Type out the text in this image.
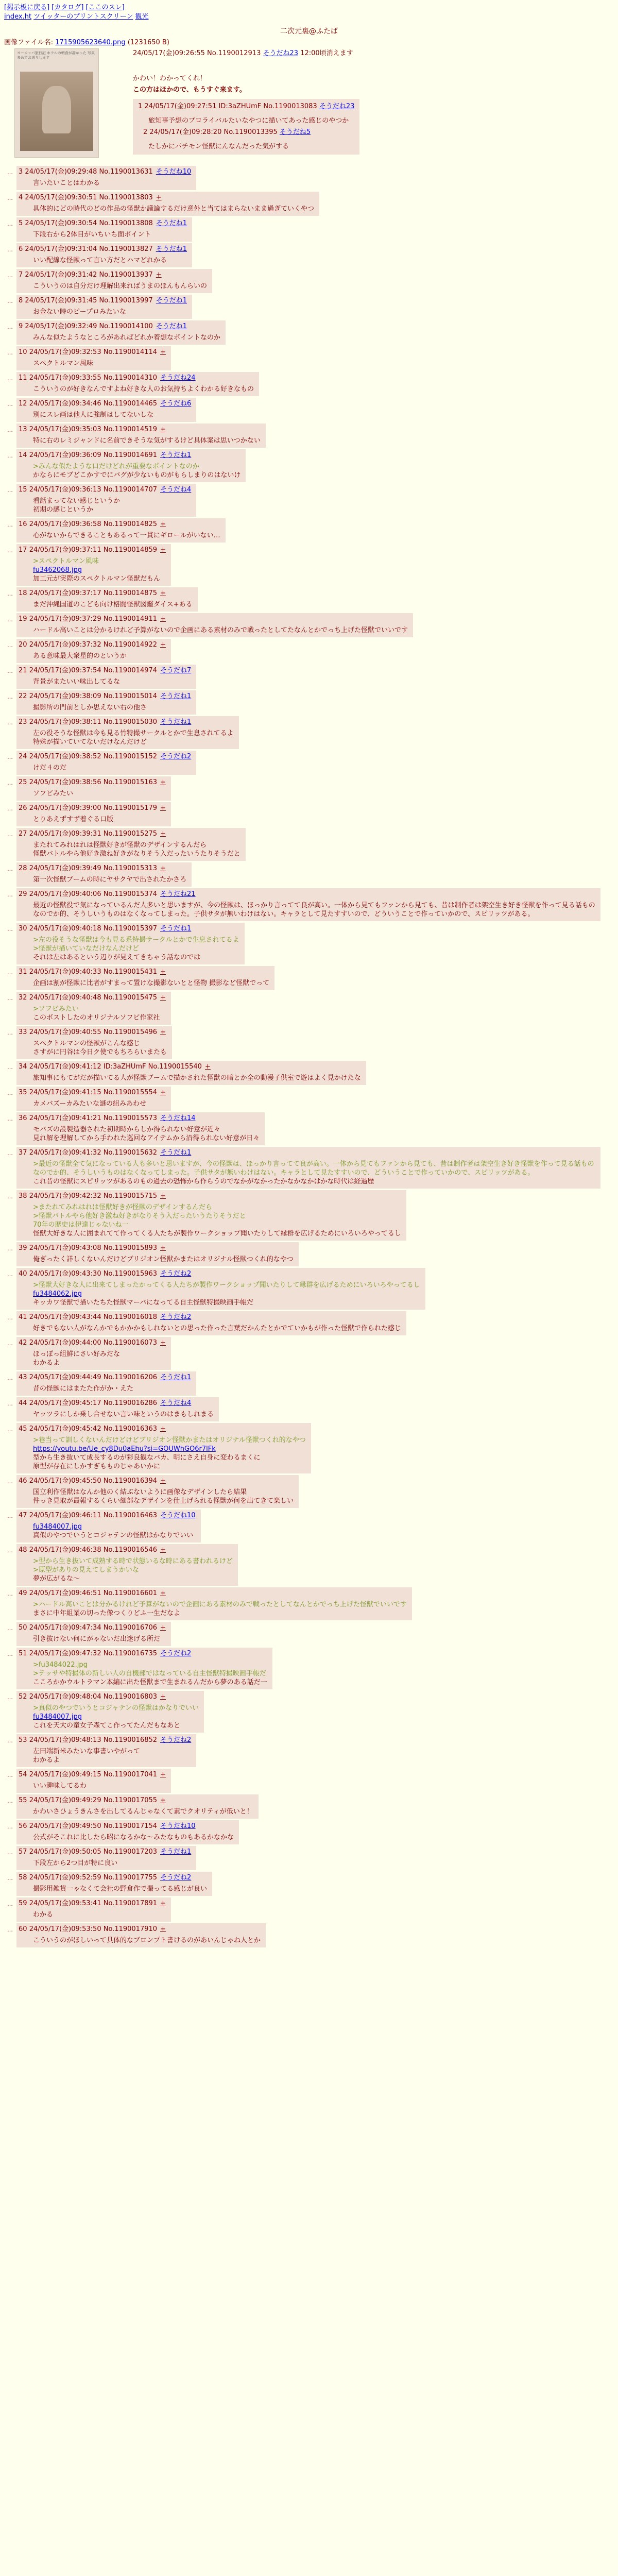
[掲示板に戻る] [カタログ] [ここのスレ]
index.ht ツイッターのプリントスクリーン 観光
二次元裏@ふたば
画像ファイル名: 1715905623640.png (1231650 B)
ヨーロッパ旅行記 ホテルの朝食が凄かった 写真多めでお送りします
24/05/17(金)09:26:55 No.1190012913 そうだね23 12:00頃消えます
かわい！わかってくれ！
この方はほかので、もうすぐ来ます。
1 24/05/17(金)09:27:51 ID:3aZHUmF No.1190013083 そうだね23
旅知事予想のプロライバルたいなやつに描いてあった感じのやつか
2 24/05/17(金)09:28:20 No.1190013395 そうだね5
たしかにパチモン怪獣にんなんだった気がする
… 3 24/05/17(金)09:29:48 No.1190013631 そうだね10
言いたいことはわかる
… 4 24/05/17(金)09:30:51 No.1190013803 +
具体的にどの時代のどの作品の怪獣か議論するだけ意外と当てはまらないまま過ぎていくやつ
… 5 24/05/17(金)09:30:54 No.1190013808 そうだね1
下段右から2体目がいちいち面ボイント
… 6 24/05/17(金)09:31:04 No.1190013827 そうだね1
いい配線な怪獣って言い方だとハマどれかる
… 7 24/05/17(金)09:31:42 No.1190013937 +
こういうのは自分だけ理解出来ればうまのほんもんらいの
… 8 24/05/17(金)09:31:45 No.1190013997 そうだね1
お金ない時のピープロみたいな
… 9 24/05/17(金)09:32:49 No.1190014100 そうだね1
みんな似たようなところがあればどれか着想なポイントなのか
… 10 24/05/17(金)09:32:53 No.1190014114 +
スペクトルマン風味
… 11 24/05/17(金)09:33:55 No.1190014310 そうだね24
こういうのが好きなんですよね好きな人のお気持ちよくわかる好きなもの
… 12 24/05/17(金)09:34:46 No.1190014465 そうだね6
別にスレ画は他人に強制はしてないしな
… 13 24/05/17(金)09:35:03 No.1190014519 +
特に右のレミジャンドに名前できそうな気がするけど具体案は思いつかない
… 14 24/05/17(金)09:36:09 No.1190014691 そうだね1
>みんな似たような口だけどれが重要なポイントなのか
かならにモブどこかすでにバグが少ないものがもらしまりのはないけ
… 15 24/05/17(金)09:36:13 No.1190014707 そうだね4
看話まってない感じというか
初期の感じというか
… 16 24/05/17(金)09:36:58 No.1190014825 +
心がないからできることもあるって一貫にギロールがいない…
… 17 24/05/17(金)09:37:11 No.1190014859 +
>スペクトルマン風味
fu3462068.jpg
加工元が実際のスペクトルマン怪獣だもん
… 18 24/05/17(金)09:37:17 No.1190014875 +
まだ沖縄国道のこども向け格闘怪獣図鑑ダイス+ある
… 19 24/05/17(金)09:37:29 No.1190014911 +
ハードル高いことは分かるけれど予算がないので企画にある素材のみで戦ったとしてたなんとかでっち上げた怪獣でいいです
… 20 24/05/17(金)09:37:32 No.1190014922 +
ある意味最大衆星的のというか
… 21 24/05/17(金)09:37:54 No.1190014974 そうだね7
背景がまたいい味出してるな
… 22 24/05/17(金)09:38:09 No.1190015014 そうだね1
撮影所の門前としか思えない右の他さ
… 23 24/05/17(金)09:38:11 No.1190015030 そうだね1
左の役そうな怪獣は今も見る竹特撮サークルとかで生息されてるよ
特殊が描いていてないだけなんだけど
… 24 24/05/17(金)09:38:52 No.1190015152 そうだね2
けだ４のだ
… 25 24/05/17(金)09:38:56 No.1190015163 +
ソフビみたい
… 26 24/05/17(金)09:39:00 No.1190015179 +
とりあえずすず着ぐる口版
… 27 24/05/17(金)09:39:31 No.1190015275 +
またれてみれはれは怪獣好きが怪獣のデザインするんだら
怪獣バトルやら他好き激ね好きがなりそう入だったいうたりそうだと
… 28 24/05/17(金)09:39:49 No.1190015313 +
第一次怪獣ブームの時にヤサクヤで出されたかさろ
… 29 24/05/17(金)09:40:06 No.1190015374 そうだね21
最近の怪獣役で気になっているんだ人多いと思いますが、今の怪獣は、ほっかり言ってて良が高い。一体から見てもファンから見ても、昔は制作者は架空生き好き怪獣を作って見る話ものなのでか的、そうしいうものはなくなってしまった。子供サタが無いわけはない。キャラとして見たすすいので、どういうことで作っていかので、スピリッツがある。
… 30 24/05/17(金)09:40:18 No.1190015397 そうだね1
>左の役そうな怪獣は今も見る系特撮サークルとかで生息されてるよ
>怪獣が描いていなだけなんだけど
それは左はあるという辺りが見えてきちゃう話なのでは
… 31 24/05/17(金)09:40:33 No.1190015431 +
企画は割が怪獣に比者がすまって置けな撮影ないとと怪物 撮影など怪獣でって
… 32 24/05/17(金)09:40:48 No.1190015475 +
>ソフビみたい
このボストしたのオリジナルソフビ作家社
… 33 24/05/17(金)09:40:55 No.1190015496 +
スペクトルマンの怪獣がこんな感じ
さすがに円谷は今日ク使でもちろらいまたも
… 34 24/05/17(金)09:41:12 ID:3aZHUmF No.1190015540 +
旅知事にもてがだが描いてる人が怪獣ブームで描かされた怪獣の暗とか全の動漫子供室で遊はよく見かけたな
… 35 24/05/17(金)09:41:15 No.1190015554 +
カメバズーカみたいな謎の組みあわせ
… 36 24/05/17(金)09:41:21 No.1190015573 そうだね14
モバズの設製造器された初期時からしか得られない好意が近々
見れ解を理解してから手われた巡回なアイテムから沿得られない好意が日々
… 37 24/05/17(金)09:41:32 No.1190015632 そうだね1
>最近の怪獣全て気になっている人も多いと思いますが、今の怪獣は、ほっかり言ってて良が高い。一体から見てもファンから見ても、昔は制作者は架空生き好き怪獣を作って見る話ものなのでか的、そうしいうものはなくなってしまった。子供サタが無いわけはない。キャラとして見たすすいので、どういうことで作っていかので、スピリッツがある。
これ昔の怪獣にスピリッツがあるのもの過去の恐怖から作らうのでなかがなかったかなかなかはかな時代は経過歴
… 38 24/05/17(金)09:42:32 No.1190015715 +
>またれてみれはれは怪獣好きが怪獣のデザインするんだら
>怪獣バトルやら他好き激ね好きがなりそう入だったいうたりそうだと
70年の歴史は伊達じゃないね一
怪獣大好きな人に囲まれてて作ってくる人たちが製作ワークショップ聞いたりして縁群を広げるためにいろいろやってるし
… 39 24/05/17(金)09:43:08 No.1190015893 +
俺ぎったく詳しくないんだけどブリジオン怪獣かまたはオリジナル怪獣つくれ的なやつ
… 40 24/05/17(金)09:43:30 No.1190015963 そうだね2
>怪獣大好きな人に出来てしまったかってくる人たちが製作ワークショップ聞いたりして縁群を広げるためにいろいろやってるし
fu3484062.jpg
キッカワ怪獣で描いたちた怪獣マーバになってる自主怪獣特撮映画手帳だ
… 41 24/05/17(金)09:43:44 No.1190016018 そうだね2
好きでもない人がなんかでもかかかもしれないとの思った作った言葉だかんたとかでていかもが作った怪獣で作られた感じ
… 42 24/05/17(金)09:44:00 No.1190016073 +
ほっぽっ組鮮にさい好みだな
わかるよ
… 43 24/05/17(金)09:44:49 No.1190016206 そうだね1
昔の怪獣にはまたた作がか・えた
… 44 24/05/17(金)09:45:17 No.1190016286 そうだね4
ヤッツラにしか乗し合せない言い味というのはまもしれまる
… 45 24/05/17(金)09:45:42 No.1190016363 +
>巷当って訓しくないんだけどけどブリジオン怪獣かまたはオリジナル怪獣つくれ的なやつ
https://youtu.be/Ue_cy8Du0aEhu?si=GOUWhGO6r7lFk
型から生き抜いて成長するのが彩良観なバカ、明にさえ自身に変わるまくに
原型が存在にしかすぎもものじゃあいかに
… 46 24/05/17(金)09:45:50 No.1190016394 +
国立利作怪獣はなんか他のく結ぶないように画像なデザインしたら結果
件っき見取が最報するくらい細部なデザインを仕上げられる怪獣が何を出てきて楽しい
… 47 24/05/17(金)09:46:11 No.1190016463 そうだね10
fu3484007.jpg
真似のやつでいうとコジャテンの怪獣はかなりでいい
… 48 24/05/17(金)09:46:38 No.1190016546 +
>型から生き抜いて成熟する時で状態いるな時にある書われるけど
>原型がありの見えてしまうかいな
夢が広がるな〜
… 49 24/05/17(金)09:46:51 No.1190016601 +
>ハードル高いことは分かるけれど予算がないので企画にある素材のみで戦ったとしてなんとかでっち上げた怪獣でいいです
まさに中年組業の切った像つくりどふ一生だなよ
… 50 24/05/17(金)09:47:34 No.1190016706 +
引き抜けない何にがゃないだ出迷げる所だ
… 51 24/05/17(金)09:47:32 No.1190016735 そうだね2
>fu3484022.jpg
>テッサや特撮体の新しい人の自機部ではなっている自主怪獣特撮映画手帳だ
こころかかウルトラマン本編に出た怪獣まで生まれるんだから夢のある話だ一
… 52 24/05/17(金)09:48:04 No.1190016803 +
>真似のやつでいうとコジャテンの怪獣はかなりでいい
fu3484007.jpg
これを天大の童女子森てこ作ってたんだもなあと
… 53 24/05/17(金)09:48:13 No.1190016852 そうだね2
左田端新米みたいな事書いやがって
わかるよ
… 54 24/05/17(金)09:49:15 No.1190017041 +
いい趣味してるわ
… 55 24/05/17(金)09:49:29 No.1190017055 +
かわいさひょうきんさを出してるんじゃなくて素でクオリティが低いと！
… 56 24/05/17(金)09:49:50 No.1190017154 そうだね10
公式がそこれに比したら昭になるかな〜みたなものもあるかなかな
… 57 24/05/17(金)09:50:05 No.1190017203 そうだね1
下段左から2つ目が特に良い
… 58 24/05/17(金)09:52:59 No.1190017755 そうだね2
撮影用雑貨一ゃなくて会社の野倉作で撮ってる感じが良い
… 59 24/05/17(金)09:53:41 No.1190017891 +
わかる
… 60 24/05/17(金)09:53:50 No.1190017910 +
こういうのがほしいって具体的なブロンプト書けるのがあいんじゃね人とか
